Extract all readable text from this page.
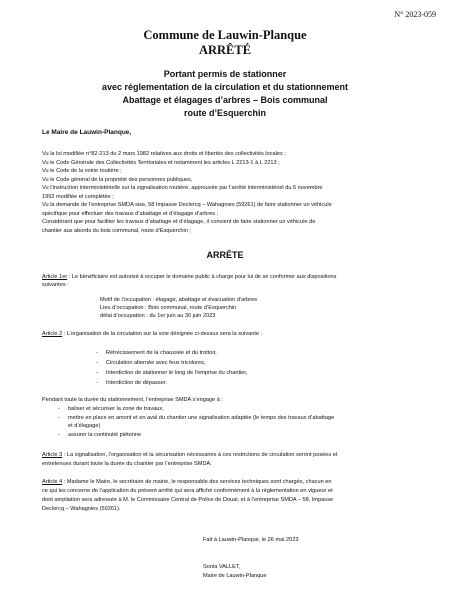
N° 2023-059
Commune de Lauwin-Planque
ARRÊTÉ
Portant permis de stationner
avec réglementation de la circulation et du stationnement
Abattage et élagages d’arbres – Bois communal
route d’Esquerchin
Le Maire de Lauwin-Planque,
Vu la loi modifiée n°82-213 du 2 mars 1982 relatives aux droits et libertés des collectivités locales ;
Vu le Code Générale des Collectivités Territoriales et notamment les articles L 2213-1 à L 2213 ;
Vu le Code de la voirie routière ;
Vu le Code général de la propriété des personnes publiques,
Vu l’instruction interministérielle sur la signalisation routière, approuvée par l’arrêté interministériel du 6 novembre
1992 modifiée et complétée ;
Vu la demande de l’entreprise SMDA sise, 58 Impasse Declercq – Wahagnies (59261) de faire stationner un véhicule
spécifique pour effectuer des travaux d’abattage et d’élagage d’arbres ;
Considérant que pour faciliter les travaux d’abattage et d’élagage, il convient de faire stationner un véhicule de
chantier aux abords du bois communal, route d’Esquerchin ;
ARRÊTE
Article 1er : Le bénéficiaire est autorisé à occuper le domaine public à charge pour lui de se conformer aux dispositions
suivantes :
Motif de l’occupation : élagage, abattage et évacuation d’arbres
Lieu d’occupation : Bois communal, route d’Esquerchin
délai d’occupation : du 1er juin au 30 juin 2023
Article 2 : L’organisation de la circulation sur la voie désignée ci-dessus sera la suivante :
- Rétrécissement de la chaussée et du trottoir,
- Circulation alternée avec feux tricolores,
- Interdiction de stationner le long de l’emprise du chantier,
- Interdiction de dépasser.
Pendant toute la durée du stationnement, l’entreprise SMDA s’engage à :
- baliser et sécuriser la zone de travaux,
- mettre en place en amont et en aval du chantier une signalisation adaptée (le temps des travaux d’abattage
et d’élagage)
- assurer la continuité piétonne
Article 3 : La signalisation, l’organisation et la sécurisation nécessaires à ces restrictions de circulation seront posées et
entretenues durant toute la durée du chantier par l’entreprise SMDA.
Article 4 : Madame le Maire, le secrétaire de mairie, le responsable des services techniques sont chargés, chacun en
ce qui les concerne de l’application du présent arrêté qui sera affiché conformément à la réglementation en vigueur et
dont ampliation sera adressée à M. le Commissaire Central de Police de Douai, et à l’entreprise SMDA – 58, Impasse
Declercq – Wahagnies (59261).
Fait à Lauwin-Planque, le 26 mai 2023
Sonia VALLET,
Maire de Lauwin-Planque
